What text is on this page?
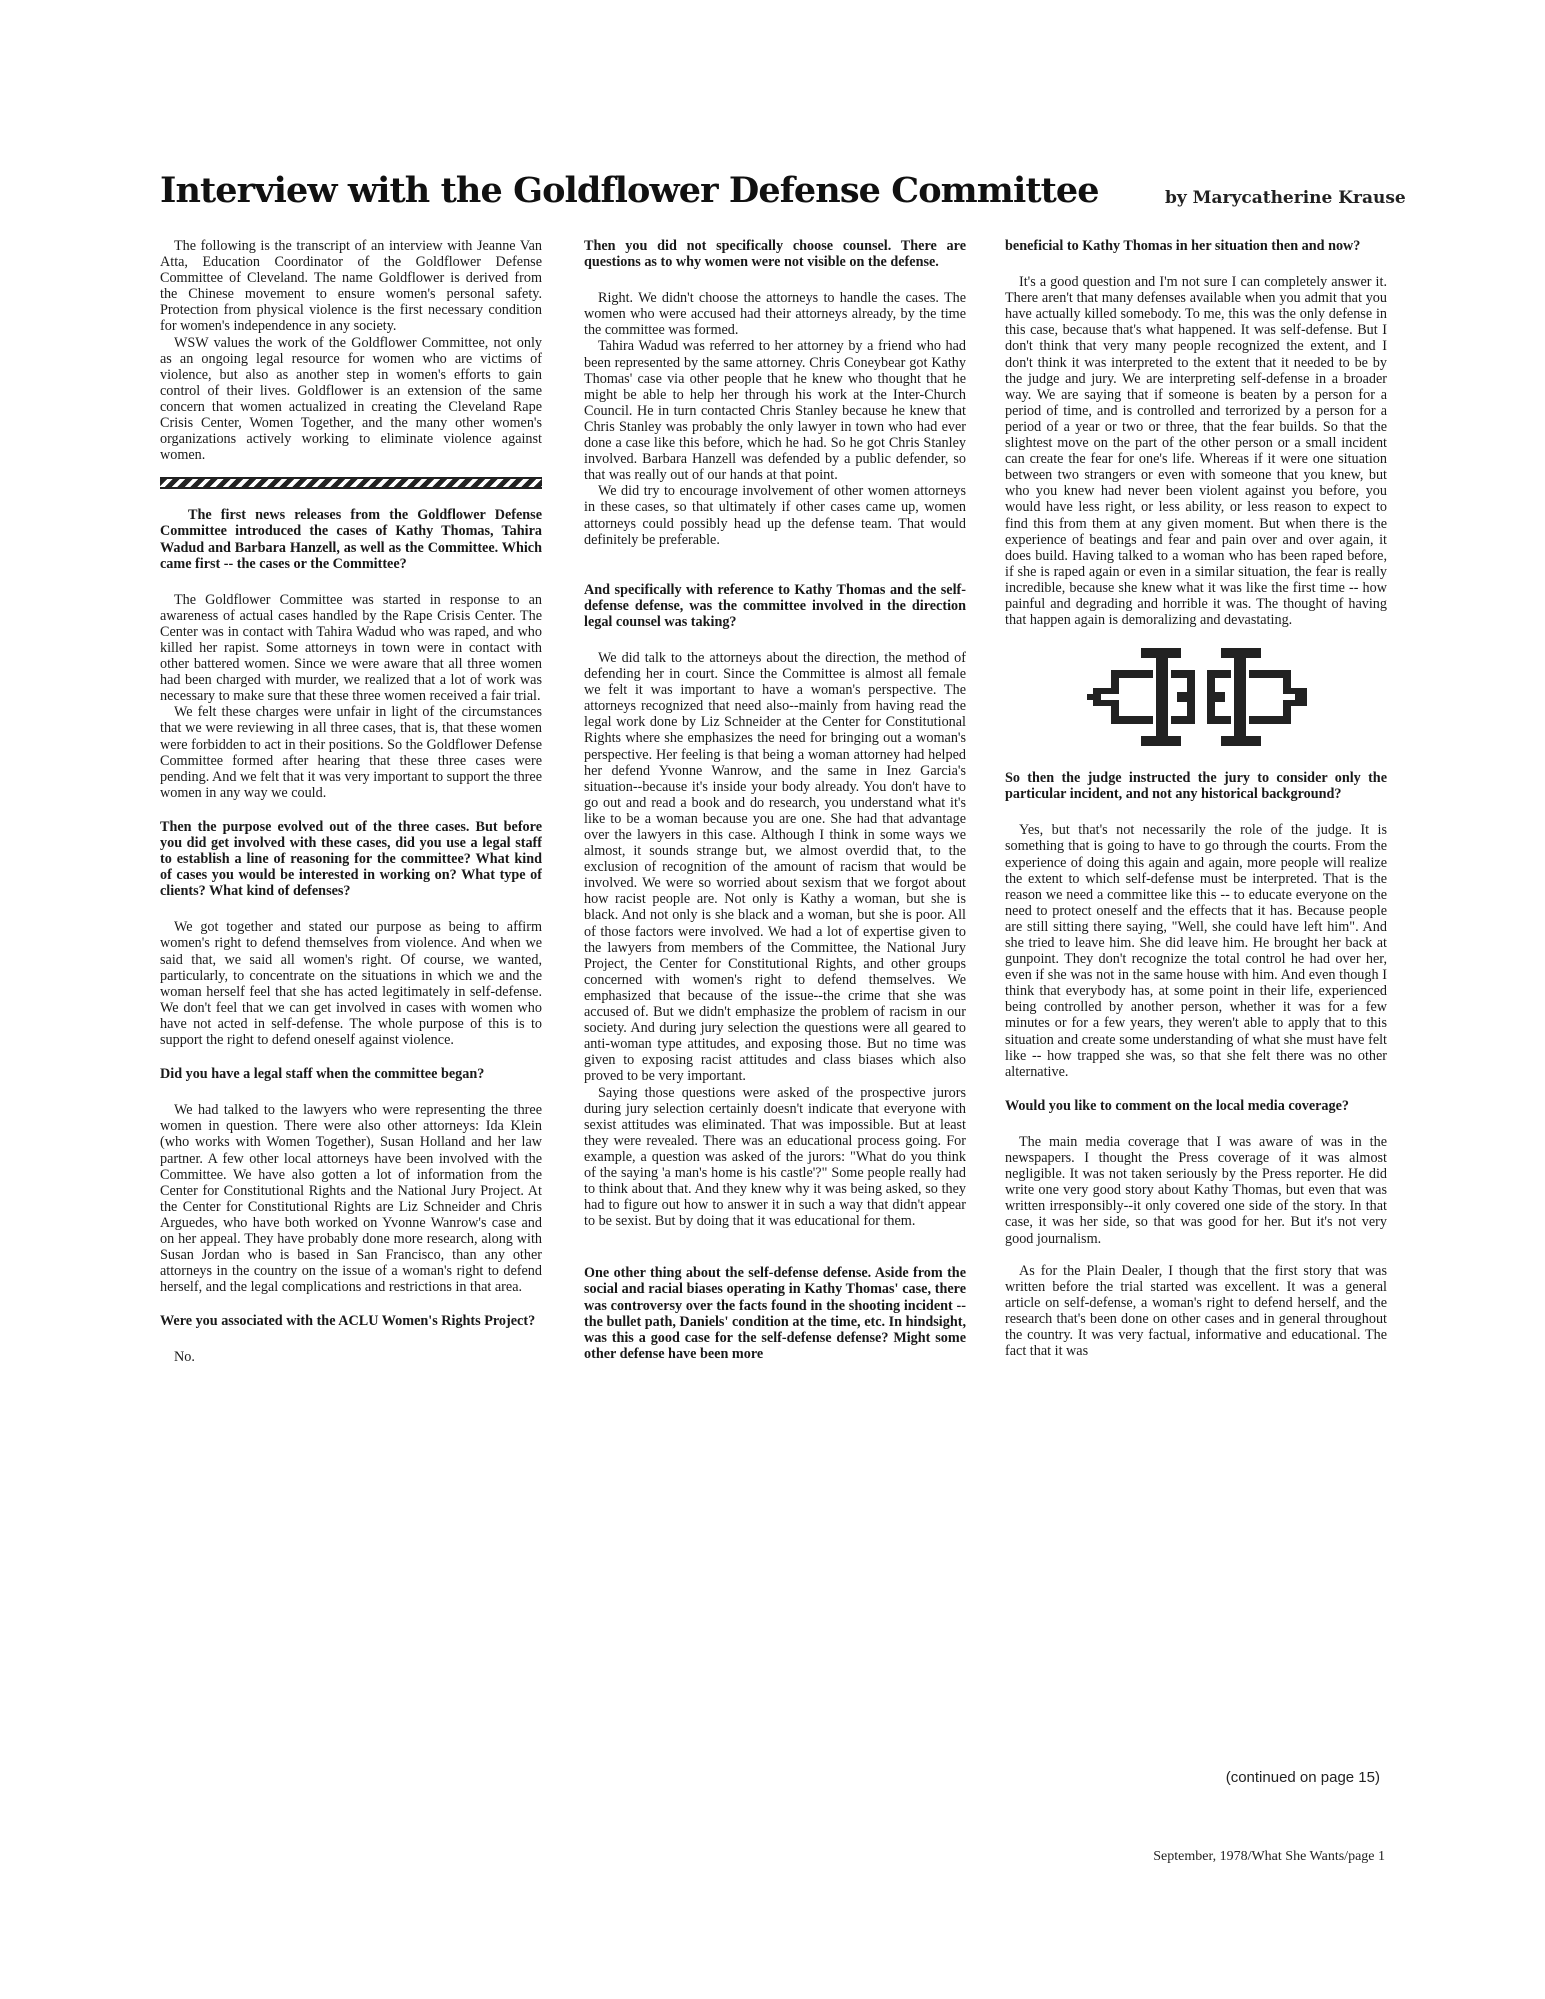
Interview with the Goldflower Defense Committee	by Marycatherine Krause

The following is the transcript of an interview with Jeanne Van Atta, Education Coordinator of the Goldflower Defense Committee of Cleveland. The name Goldflower is derived from the Chinese movement to ensure women's personal safety. Protection from physical violence is the first necessary condition for women's independence in any society.

WSW values the work of the Goldflower Committee, not only as an ongoing legal resource for women who are victims of violence, but also as another step in women's efforts to gain control of their lives. Goldflower is an extension of the same concern that women actualized in creating the Cleveland Rape Crisis Center, Women Together, and the many other women's organizations actively working to eliminate violence against women.

The first news releases from the Goldflower Defense Committee introduced the cases of Kathy Thomas, Tahira Wadud and Barbara Hanzell, as well as the Committee. Which came first -- the cases or the Committee?

The Goldflower Committee was started in response to an awareness of actual cases handled by the Rape Crisis Center. The Center was in contact with Tahira Wadud who was raped, and who killed her rapist. Some attorneys in town were in contact with other battered women. Since we were aware that all three women had been charged with murder, we realized that a lot of work was necessary to make sure that these three women received a fair trial.

We felt these charges were unfair in light of the circumstances that we were reviewing in all three cases, that is, that these women were forbidden to act in their positions. So the Goldflower Defense Committee formed after hearing that these three cases were pending. And we felt that it was very important to support the three women in any way we could.

Then the purpose evolved out of the three cases. But before you did get involved with these cases, did you use a legal staff to establish a line of reasoning for the committee? What kind of cases you would be interested in working on? What type of clients? What kind of defenses?

We got together and stated our purpose as being to affirm women's right to defend themselves from violence. And when we said that, we said all women's right. Of course, we wanted, particularly, to concentrate on the situations in which we and the woman herself feel that she has acted legitimately in self-defense. We don't feel that we can get involved in cases with women who have not acted in self-defense. The whole purpose of this is to support the right to defend oneself against violence.

Did you have a legal staff when the committee began?

We had talked to the lawyers who were representing the three women in question. There were also other attorneys: Ida Klein (who works with Women Together), Susan Holland and her law partner. A few other local attorneys have been involved with the Committee. We have also gotten a lot of information from the Center for Constitutional Rights and the National Jury Project. At the Center for Constitutional Rights are Liz Schneider and Chris Arguedes, who have both worked on Yvonne Wanrow's case and on her appeal. They have probably done more research, along with Susan Jordan who is based in San Francisco, than any other attorneys in the country on the issue of a woman's right to defend herself, and the legal complications and restrictions in that area.

Were you associated with the ACLU Women's Rights Project?

No.

Then you did not specifically choose counsel. There are questions as to why women were not visible on the defense.

Right. We didn't choose the attorneys to handle the cases. The women who were accused had their attorneys already, by the time the committee was formed.

Tahira Wadud was referred to her attorney by a friend who had been represented by the same attorney. Chris Coneybear got Kathy Thomas' case via other people that he knew who thought that he might be able to help her through his work at the Inter-Church Council. He in turn contacted Chris Stanley because he knew that Chris Stanley was probably the only lawyer in town who had ever done a case like this before, which he had. So he got Chris Stanley involved. Barbara Hanzell was defended by a public defender, so that was really out of our hands at that point.

We did try to encourage involvement of other women attorneys in these cases, so that ultimately if other cases came up, women attorneys could possibly head up the defense team. That would definitely be preferable.

And specifically with reference to Kathy Thomas and the self-defense defense, was the committee involved in the direction legal counsel was taking?

We did talk to the attorneys about the direction, the method of defending her in court. Since the Committee is almost all female we felt it was important to have a woman's perspective. The attorneys recognized that need also--mainly from having read the legal work done by Liz Schneider at the Center for Constitutional Rights where she emphasizes the need for bringing out a woman's perspective. Her feeling is that being a woman attorney had helped her defend Yvonne Wanrow, and the same in Inez Garcia's situation--because it's inside your body already. You don't have to go out and read a book and do research, you understand what it's like to be a woman because you are one. She had that advantage over the lawyers in this case. Although I think in some ways we almost, it sounds strange but, we almost overdid that, to the exclusion of recognition of the amount of racism that would be involved. We were so worried about sexism that we forgot about how racist people are. Not only is Kathy a woman, but she is black. And not only is she black and a woman, but she is poor. All of those factors were involved. We had a lot of expertise given to the lawyers from members of the Committee, the National Jury Project, the Center for Constitutional Rights, and other groups concerned with women's right to defend themselves. We emphasized that because of the issue--the crime that she was accused of. But we didn't emphasize the problem of racism in our society. And during jury selection the questions were all geared to anti-woman type attitudes, and exposing those. But no time was given to exposing racist attitudes and class biases which also proved to be very important.

Saying those questions were asked of the prospective jurors during jury selection certainly doesn't indicate that everyone with sexist attitudes was eliminated. That was impossible. But at least they were revealed. There was an educational process going. For example, a question was asked of the jurors: "What do you think of the saying 'a man's home is his castle'?" Some people really had to think about that. And they knew why it was being asked, so they had to figure out how to answer it in such a way that didn't appear to be sexist. But by doing that it was educational for them.

One other thing about the self-defense defense. Aside from the social and racial biases operating in Kathy Thomas' case, there was controversy over the facts found in the shooting incident -- the bullet path, Daniels' condition at the time, etc. In hindsight, was this a good case for the self-defense defense? Might some other defense have been more

beneficial to Kathy Thomas in her situation then and now?

It's a good question and I'm not sure I can completely answer it. There aren't that many defenses available when you admit that you have actually killed somebody. To me, this was the only defense in this case, because that's what happened. It was self-defense. But I don't think that very many people recognized the extent, and I don't think it was interpreted to the extent that it needed to be by the judge and jury. We are interpreting self-defense in a broader way. We are saying that if someone is beaten by a person for a period of time, and is controlled and terrorized by a person for a period of a year or two or three, that the fear builds. So that the slightest move on the part of the other person or a small incident can create the fear for one's life. Whereas if it were one situation between two strangers or even with someone that you knew, but who you knew had never been violent against you before, you would have less right, or less ability, or less reason to expect to find this from them at any given moment. But when there is the experience of beatings and fear and pain over and over again, it does build. Having talked to a woman who has been raped before, if she is raped again or even in a similar situation, the fear is really incredible, because she knew what it was like the first time -- how painful and degrading and horrible it was. The thought of having that happen again is demoralizing and devastating.

So then the judge instructed the jury to consider only the particular incident, and not any historical background?

Yes, but that's not necessarily the role of the judge. It is something that is going to have to go through the courts. From the experience of doing this again and again, more people will realize the extent to which self-defense must be interpreted. That is the reason we need a committee like this -- to educate everyone on the need to protect oneself and the effects that it has. Because people are still sitting there saying, "Well, she could have left him". And she tried to leave him. She did leave him. He brought her back at gunpoint. They don't recognize the total control he had over her, even if she was not in the same house with him. And even though I think that everybody has, at some point in their life, experienced being controlled by another person, whether it was for a few minutes or for a few years, they weren't able to apply that to this situation and create some understanding of what she must have felt like -- how trapped she was, so that she felt there was no other alternative.

Would you like to comment on the local media coverage?

The main media coverage that I was aware of was in the newspapers. I thought the Press coverage of it was almost negligible. It was not taken seriously by the Press reporter. He did write one very good story about Kathy Thomas, but even that was written irresponsibly--it only covered one side of the story. In that case, it was her side, so that was good for her. But it's not very good journalism.

As for the Plain Dealer, I though that the first story that was written before the trial started was excellent. It was a general article on self-defense, a woman's right to defend herself, and the research that's been done on other cases and in general throughout the country. It was very factual, informative and educational. The fact that it was

(continued on page 15)
September, 1978/What She Wants/page 1
